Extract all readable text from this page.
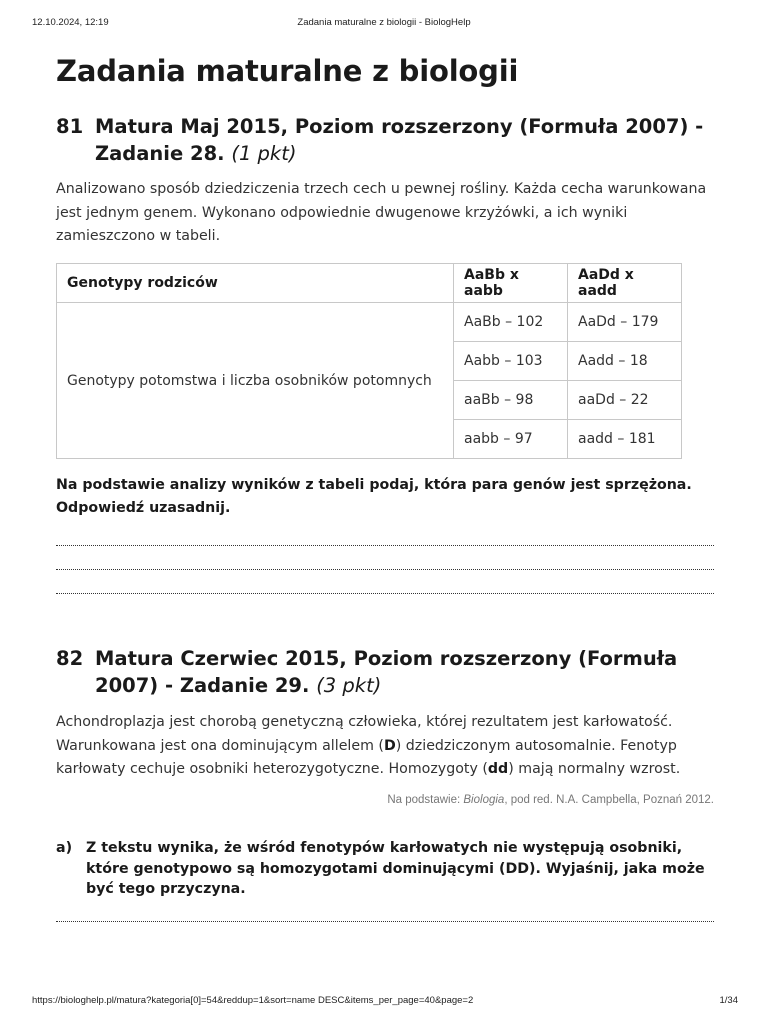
12.10.2024, 12:19	Zadania maturalne z biologii - BiologHelp
Zadania maturalne z biologii
81 Matura Maj 2015, Poziom rozszerzony (Formuła 2007) -
Zadanie 28. (1 pkt)

Analizowano sposób dziedziczenia trzech cech u pewnej rośliny. Każda cecha warunkowana jest jednym genem. Wykonano odpowiednie dwugenowe krzyżówki, a ich wyniki zamieszczono w tabeli.

Genotypy rodziców	AaBb x aabb	AaDd x aadd
Genotypy potomstwa i liczba osobników potomnych	AaBb – 102	AaDd – 179
	Aabb – 103	Aadd – 18
	aaBb – 98	aaDd – 22
	aabb – 97	aadd – 181

Na podstawie analizy wyników z tabeli podaj, która para genów jest sprzężona. Odpowiedź uzasadnij.

82 Matura Czerwiec 2015, Poziom rozszerzony (Formuła
2007) - Zadanie 29. (3 pkt)

Achondroplazja jest chorobą genetyczną człowieka, której rezultatem jest karłowatość. Warunkowana jest ona dominującym allelem (D) dziedziczonym autosomalnie. Fenotyp karłowaty cechuje osobniki heterozygotyczne. Homozygoty (dd) mają normalny wzrost.

Na podstawie: Biologia, pod red. N.A. Campbella, Poznań 2012.

a) Z tekstu wynika, że wśród fenotypów karłowatych nie występują osobniki, które genotypowo są homozygotami dominującymi (DD). Wyjaśnij, jaka może być tego przyczyna.
https://biologhelp.pl/matura?kategoria[0]=54&reddup=1&sort=name DESC&items_per_page=40&page=2	1/34
